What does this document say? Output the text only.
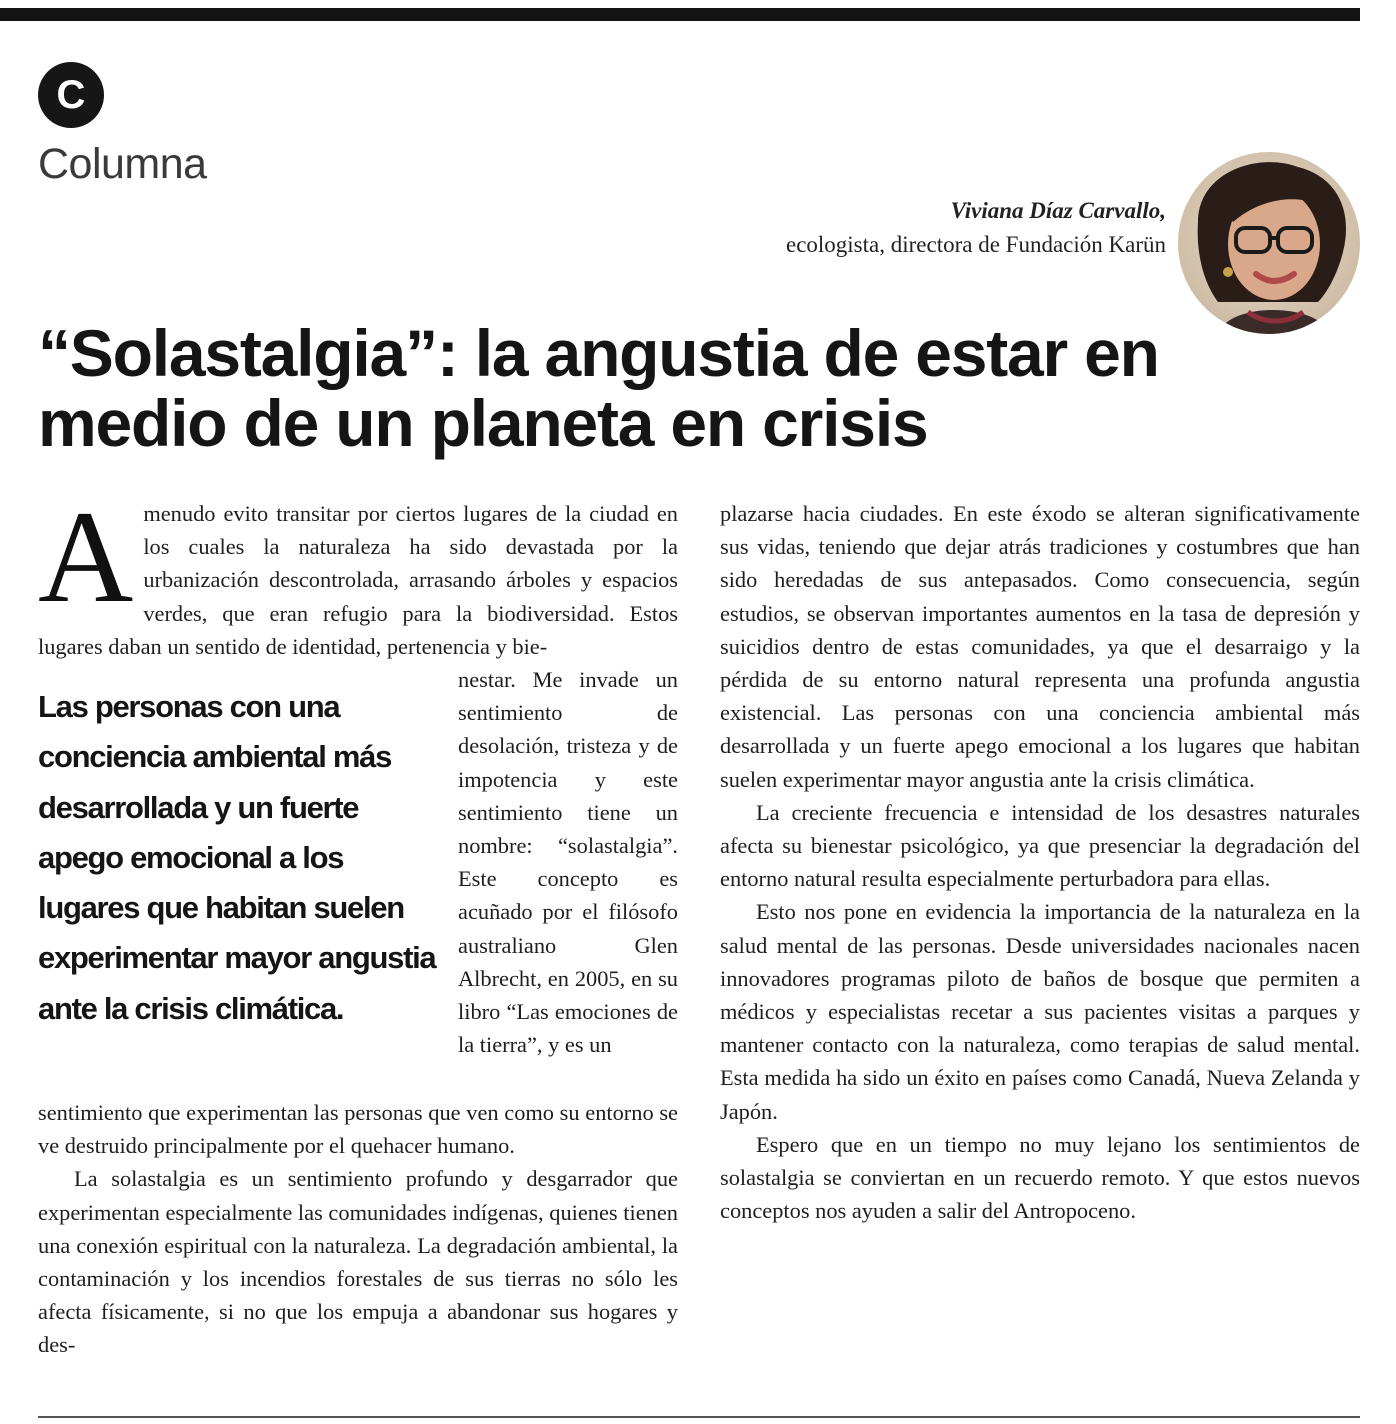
C
Columna
Viviana Díaz Carvallo,
ecologista, directora de Fundación Karün
“Solastalgia”: la angustia de estar en
medio de un planeta en crisis

Amenudo evito transitar por ciertos lugares de la ciudad en los cuales la naturaleza ha sido devastada por la urbanización descontrolada, arrasando árboles y espacios verdes, que eran refugio para la biodiversidad. Estos lugares daban un sentido de identidad, pertenencia y bie-

Las personas con una conciencia ambiental más desarrollada y un fuerte apego emocional a los lugares que habitan suelen experimentar mayor angustia ante la crisis climática.

nestar. Me invade un sentimiento de desolación, tristeza y de impotencia y este sentimiento tiene un nombre: “solastalgia”. Este concepto es acuñado por el filósofo australiano Glen Albrecht, en 2005, en su libro “Las emociones de la tierra”, y es un

sentimiento que experimentan las personas que ven como su entorno se ve destruido principalmente por el quehacer humano.

La solastalgia es un sentimiento profundo y desgarrador que experimentan especialmente las comunidades indígenas, quienes tienen una conexión espiritual con la naturaleza. La degradación ambiental, la contaminación y los incendios forestales de sus tierras no sólo les afecta físicamente, si no que los empuja a abandonar sus hogares y des-

plazarse hacia ciudades. En este éxodo se alteran significativamente sus vidas, teniendo que dejar atrás tradiciones y costumbres que han sido heredadas de sus antepasados. Como consecuencia, según estudios, se observan importantes aumentos en la tasa de depresión y suicidios dentro de estas comunidades, ya que el desarraigo y la pérdida de su entorno natural representa una profunda angustia existencial. Las personas con una conciencia ambiental más desarrollada y un fuerte apego emocional a los lugares que habitan suelen experimentar mayor angustia ante la crisis climática.

La creciente frecuencia e intensidad de los desastres naturales afecta su bienestar psicológico, ya que presenciar la degradación del entorno natural resulta especialmente perturbadora para ellas.

Esto nos pone en evidencia la importancia de la naturaleza en la salud mental de las personas. Desde universidades nacionales nacen innovadores programas piloto de baños de bosque que permiten a médicos y especialistas recetar a sus pacientes visitas a parques y mantener contacto con la naturaleza, como terapias de salud mental. Esta medida ha sido un éxito en países como Canadá, Nueva Zelanda y Japón.

Espero que en un tiempo no muy lejano los sentimientos de solastalgia se conviertan en un recuerdo remoto. Y que estos nuevos conceptos nos ayuden a salir del Antropoceno.
